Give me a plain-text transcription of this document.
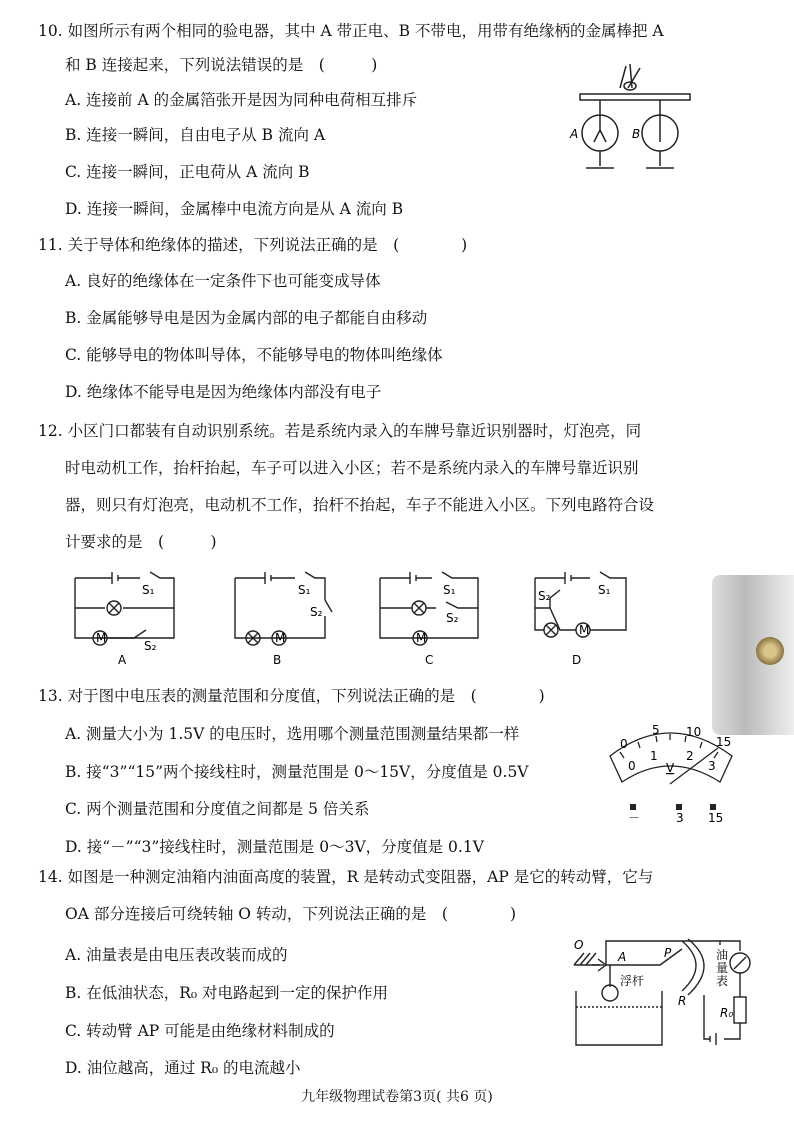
10. 如图所示有两个相同的验电器，其中 A 带正电、B 不带电，用带有绝缘柄的金属棒把 A
和 B 连接起来，下列说法错误的是　(　　　)
A. 连接前 A 的金属箔张开是因为同种电荷相互排斥
B. 连接一瞬间，自由电子从 B 流向 A
C. 连接一瞬间，正电荷从 A 流向 B
D. 连接一瞬间，金属棒中电流方向是从 A 流向 B
A	B
11. 关于导体和绝缘体的描述，下列说法正确的是　(　　　　)
A. 良好的绝缘体在一定条件下也可能变成导体
B. 金属能够导电是因为金属内部的电子都能自由移动
C. 能够导电的物体叫导体，不能够导电的物体叫绝缘体
D. 绝缘体不能导电是因为绝缘体内部没有电子
12. 小区门口都装有自动识别系统。若是系统内录入的车牌号靠近识别器时，灯泡亮，同
时电动机工作，抬杆抬起，车子可以进入小区；若不是系统内录入的车牌号靠近识别
器，则只有灯泡亮，电动机不工作，抬杆不抬起，车子不能进入小区。下列电路符合设
计要求的是　(　　　)
S₁
M
S₂
A
S₁
S₂
M
B
S₁
S₂
M
C
S₁
S₂
M
D
13. 对于图中电压表的测量范围和分度值，下列说法正确的是　(　　　　)
A. 测量大小为 1.5V 的电压时，选用哪个测量范围测量结果都一样
B. 接“3”“15”两个接线柱时，测量范围是 0～15V，分度值是 0.5V
C. 两个测量范围和分度值之间都是 5 倍关系
D. 接“－”“3”接线柱时，测量范围是 0～3V，分度值是 0.1V
0
5 10
15
0
1 2
3
V
－	3 15
14. 如图是一种测定油箱内油面高度的装置，R 是转动式变阻器，AP 是它的转动臂，它与
OA 部分连接后可绕转轴 O 转动，下列说法正确的是　(　　　　)
A. 油量表是由电压表改装而成的
B. 在低油状态，R₀ 对电路起到一定的保护作用
C. 转动臂 AP 可能是由绝缘材料制成的
D. 油位越高，通过 R₀ 的电流越小
O
A	P
浮杆
R
油
量
表
R₀
九年级物理试卷第3页( 共6 页)
